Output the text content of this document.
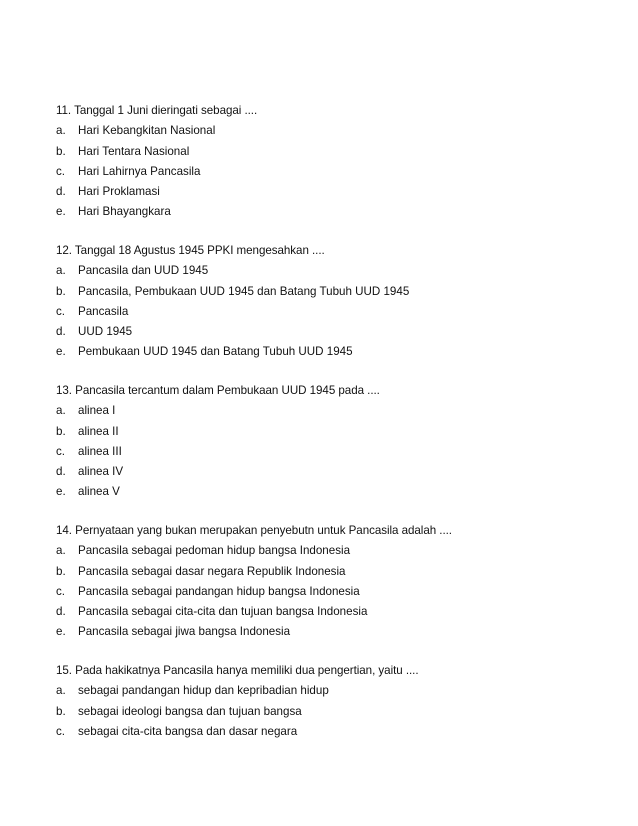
11. Tanggal 1 Juni dieringati sebagai ....
a.	Hari Kebangkitan Nasional
b.	Hari Tentara Nasional
c.	Hari Lahirnya Pancasila
d.	Hari Proklamasi
e.	Hari Bhayangkara
12. Tanggal 18 Agustus 1945 PPKI mengesahkan ....
a.	Pancasila dan UUD 1945
b.	Pancasila, Pembukaan UUD 1945 dan Batang Tubuh UUD 1945
c.	Pancasila
d.	UUD 1945
e.	Pembukaan UUD 1945 dan Batang Tubuh UUD 1945
13. Pancasila tercantum dalam Pembukaan UUD 1945 pada ....
a.	alinea I
b.	alinea II
c.	alinea III
d.	alinea IV
e.	alinea V
14. Pernyataan yang bukan merupakan penyebutn untuk Pancasila adalah ....
a.	Pancasila sebagai pedoman hidup bangsa Indonesia
b.	Pancasila sebagai dasar negara Republik Indonesia
c.	Pancasila sebagai pandangan hidup bangsa Indonesia
d.	Pancasila sebagai cita-cita dan tujuan bangsa Indonesia
e.	Pancasila sebagai jiwa bangsa Indonesia
15. Pada hakikatnya Pancasila hanya memiliki dua pengertian, yaitu ....
a.	sebagai pandangan hidup dan kepribadian hidup
b.	sebagai ideologi bangsa dan tujuan bangsa
c.	sebagai cita-cita bangsa dan dasar negara
